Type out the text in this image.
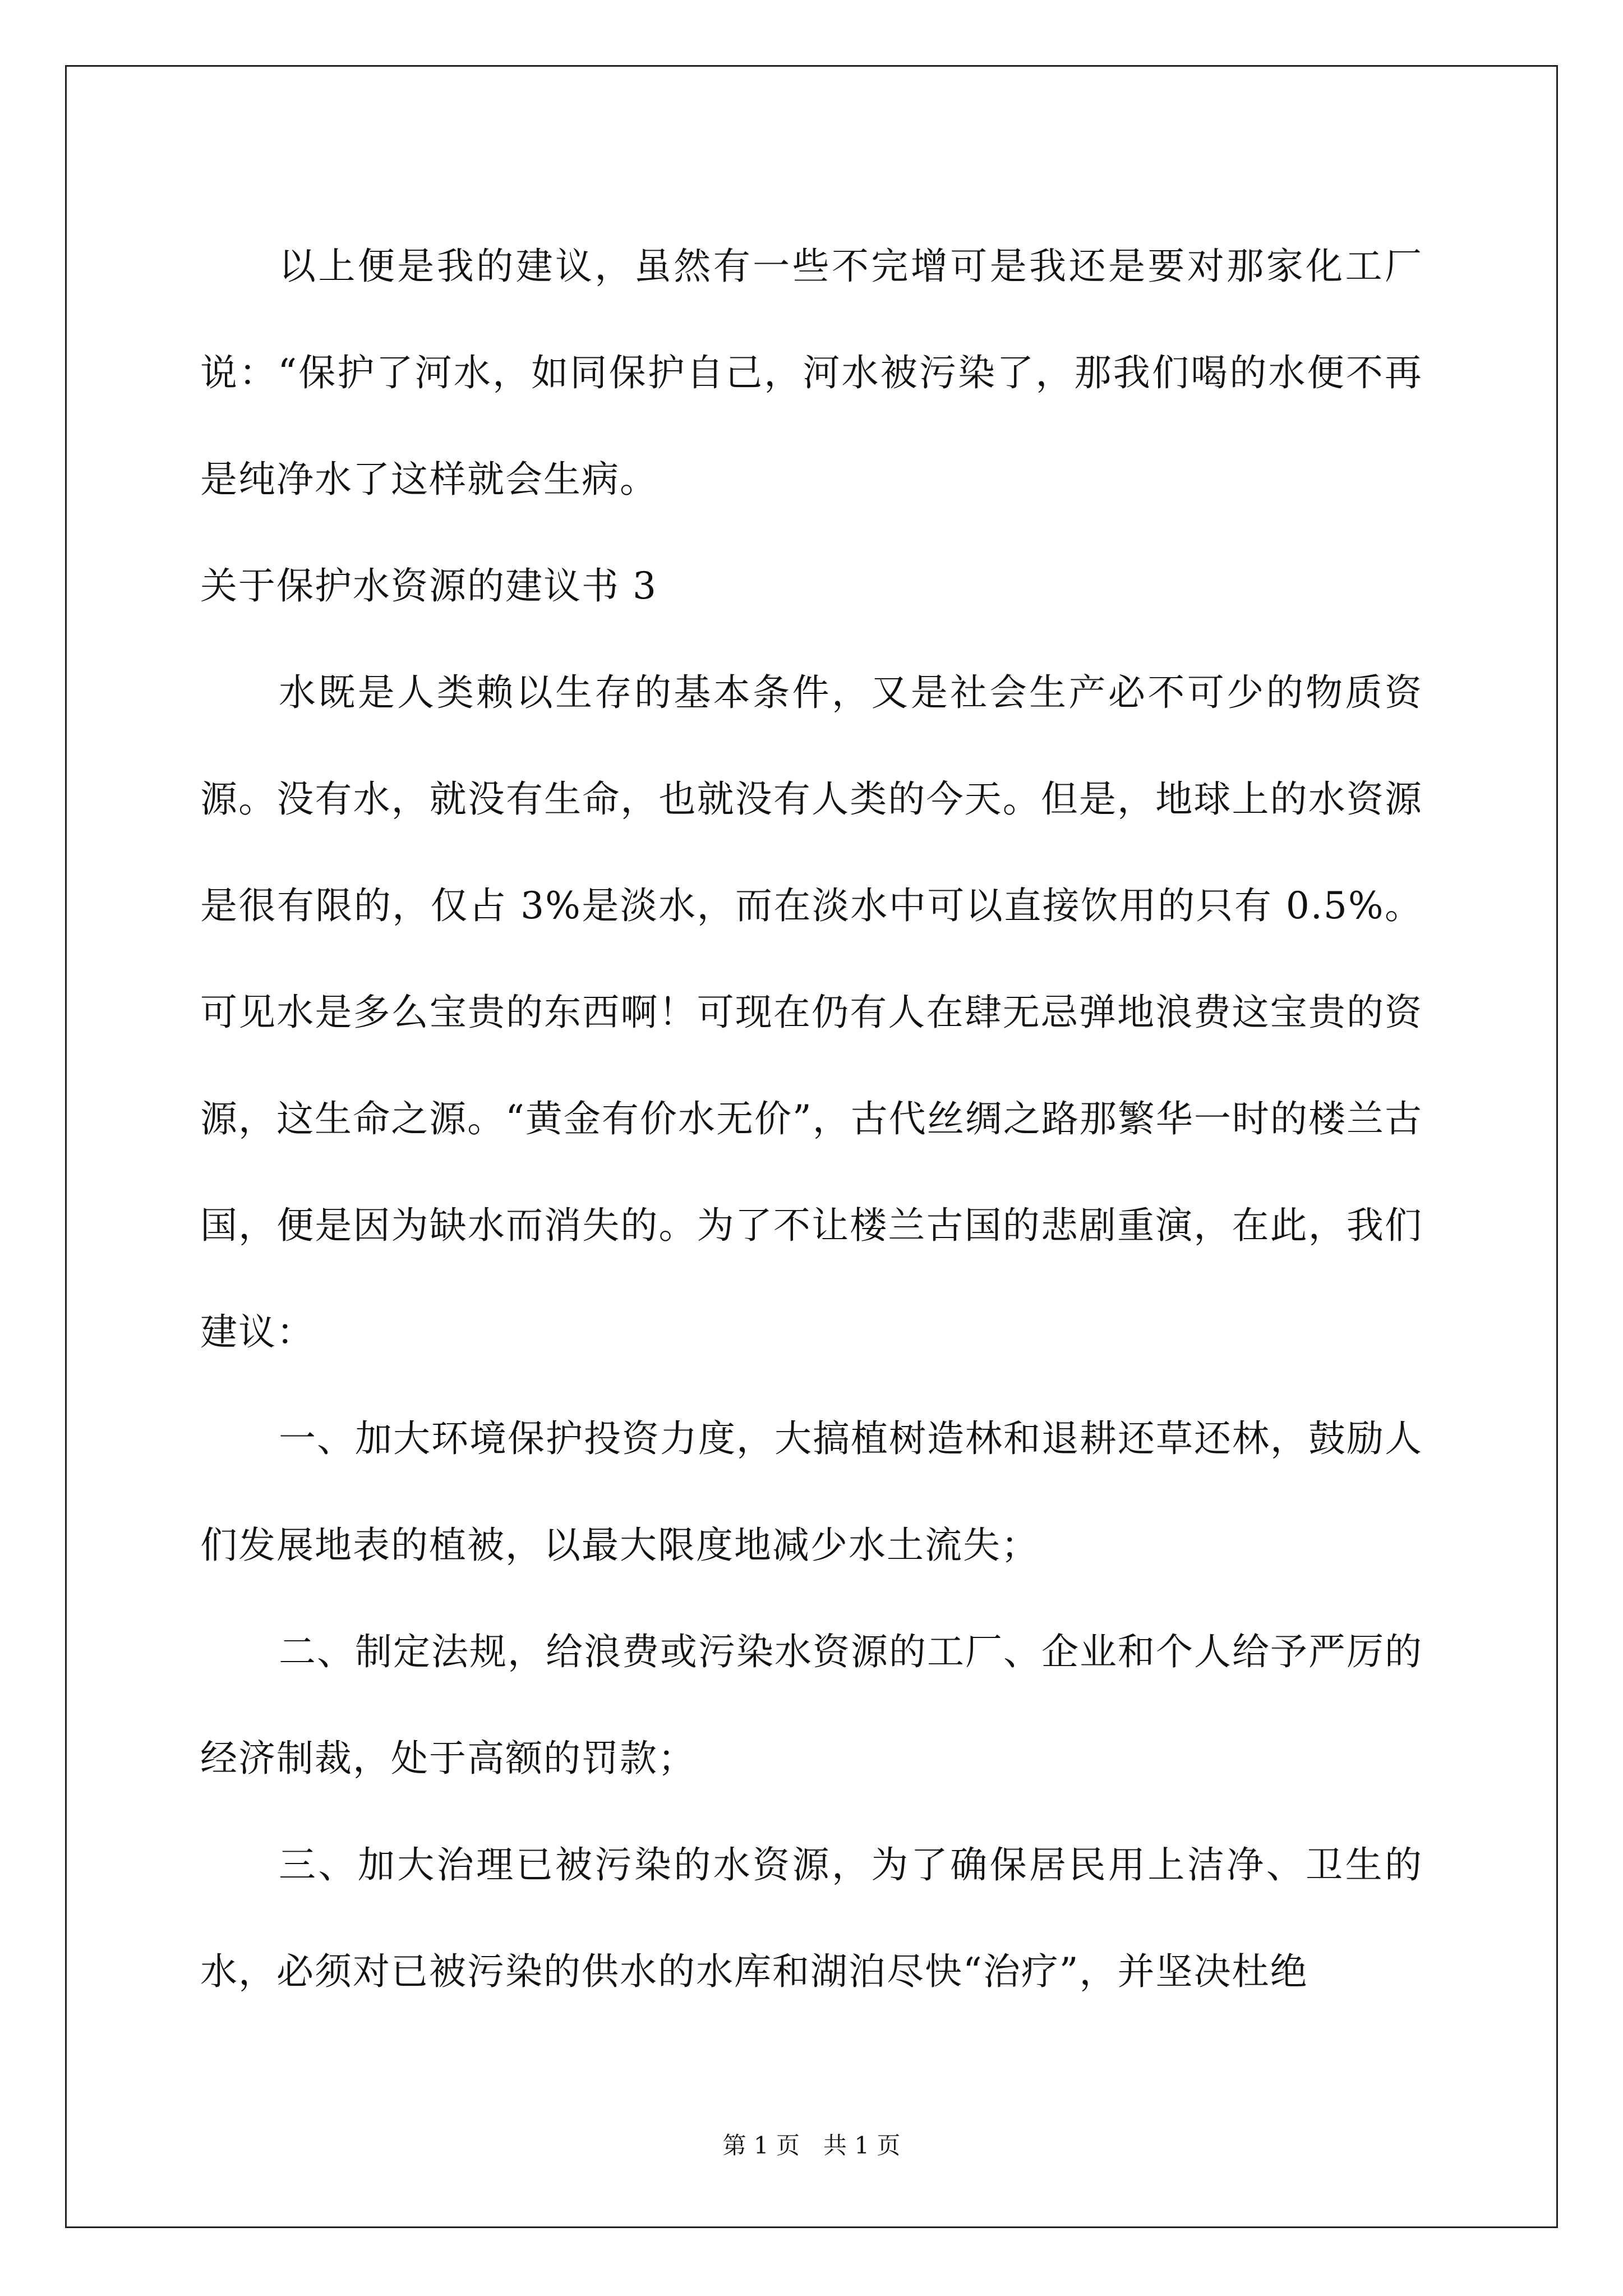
以上便是我的建议，虽然有一些不完增可是我还是要对那家化工厂说：“保护了河水，如同保护自己，河水被污染了，那我们喝的水便不再是纯净水了这样就会生病。

关于保护水资源的建议书 3

水既是人类赖以生存的基本条件，又是社会生产必不可少的物质资源。没有水，就没有生命，也就没有人类的今天。但是，地球上的水资源是很有限的，仅占 3%是淡水，而在淡水中可以直接饮用的只有 0.5%。可见水是多么宝贵的东西啊！可现在仍有人在肆无忌弹地浪费这宝贵的资源，这生命之源。“黄金有价水无价”，古代丝绸之路那繁华一时的楼兰古国，便是因为缺水而消失的。为了不让楼兰古国的悲剧重演，在此，我们建议：

一、加大环境保护投资力度，大搞植树造林和退耕还草还林，鼓励人们发展地表的植被，以最大限度地减少水土流失；

二、制定法规，给浪费或污染水资源的工厂、企业和个人给予严厉的经济制裁，处于高额的罚款；

三、加大治理已被污染的水资源，为了确保居民用上洁净、卫生的水，必须对已被污染的供水的水库和湖泊尽快“治疗”，并坚决杜绝

第 1 页　共 1 页
